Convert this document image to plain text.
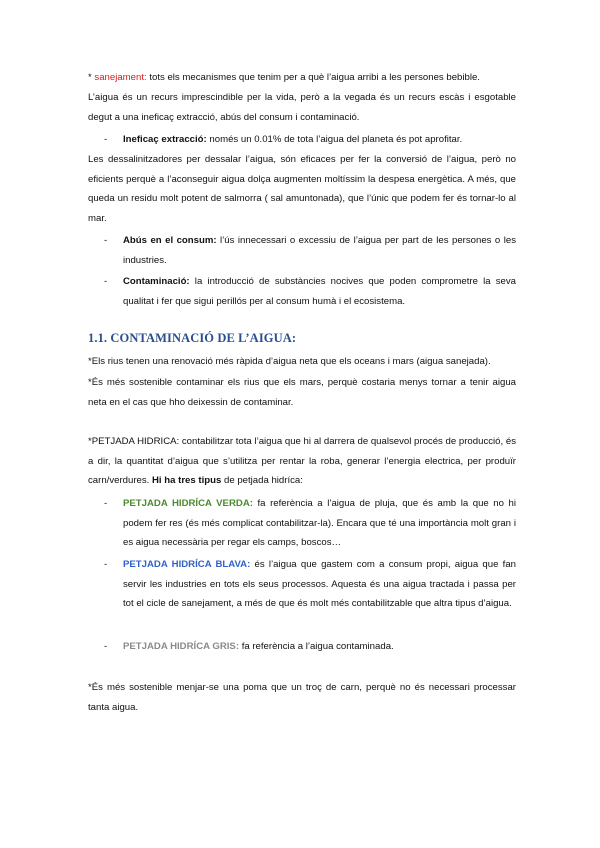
* sanejament: tots els mecanismes que tenim per a què l’aigua arribi a les persones bebible.

L’aigua és un recurs imprescindible per la vida, però a la vegada és un recurs escàs i esgotable degut a una ineficaç extracció, abús del consum i contaminació.

- Ineficaç extracció: només un 0.01% de tota l’aigua del planeta és pot aprofitar.

Les dessalinitzadores per dessalar l’aigua, són eficaces per fer la conversió de l’aigua, però no eficients perquè a l’aconseguir aigua dolça augmenten moltíssim la despesa energètica. A més, que queda un residu molt potent de salmorra ( sal amuntonada), que l’únic que podem fer és tornar-lo al mar.

- Abús en el consum: l’ús innecessari o excessiu de l’aigua per part de les persones o les industries.
- Contaminació: la introducció de substàncies nocives que poden comprometre la seva qualitat i fer que sigui perillós per al consum humà i el ecosistema.
1.1. CONTAMINACIÓ DE L’AIGUA:

*Els rius tenen una renovació més ràpida d’aigua neta que els oceans i mars (aigua sanejada).

*És més sostenible contaminar els rius que els mars, perquè costaria menys tornar a tenir aigua neta en el cas que hho deixessin de contaminar.

*PETJADA HIDRICA: contabilitzar tota l’aigua que hi al darrera de qualsevol procés de producció, és a dir, la quantitat d’aigua que s’utilitza per rentar la roba, generar l’energia electrica, per produïr carn/verdures. Hi ha tres tipus de petjada hidríca:

- PETJADA HIDRÍCA VERDA: fa referència a l’aigua de pluja, que és amb la que no hi podem fer res (és més complicat contabilitzar-la). Encara que té una importància molt gran i es aigua necessària per regar els camps, boscos…
- PETJADA HIDRÍCA BLAVA: és l’aigua que gastem com a consum propi, aigua que fan servir les industries en tots els seus processos. Aquesta és una aigua tractada i passa per tot el cicle de sanejament, a més de que és molt més contabilitzable que altra tipus d’aigua.
- PETJADA HIDRÍCA GRIS: fa referència a l’aigua contaminada.

*És més sostenible menjar-se una poma que un troç de carn, perquè no és necessari processar tanta aigua.
